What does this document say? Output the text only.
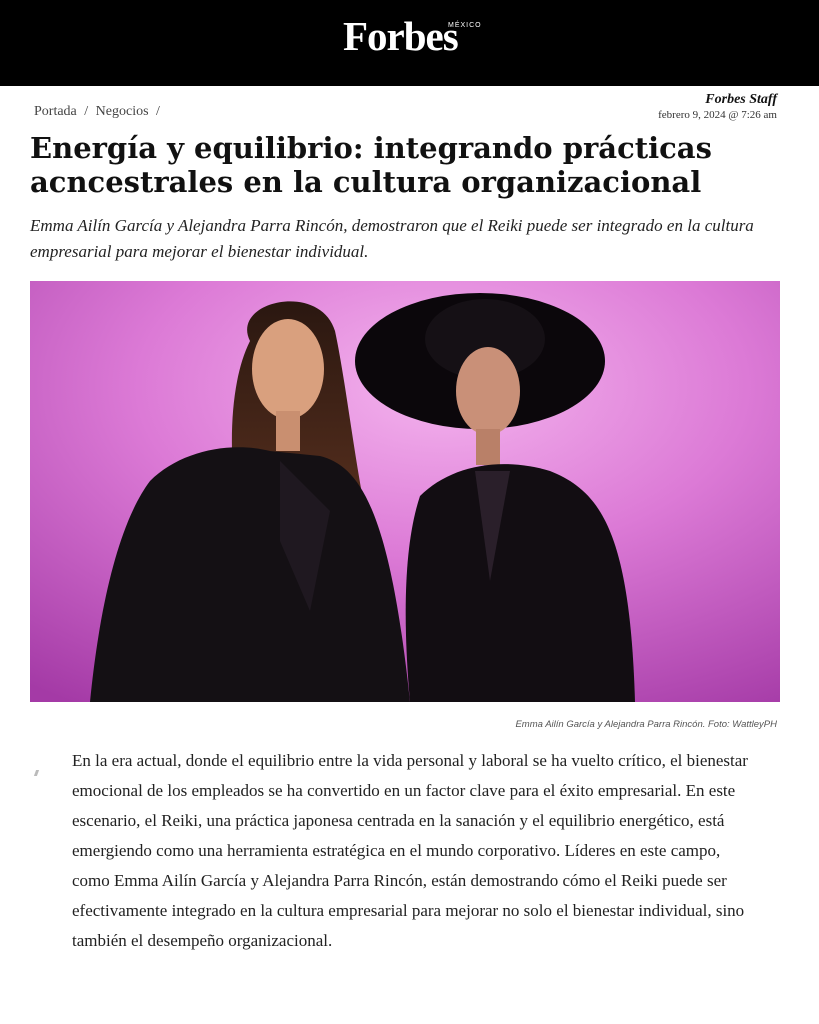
Forbes
MÉXICO
Portada / Negocios /
Forbes Staff
febrero 9, 2024 @ 7:26 am
Energía y equilibrio: integrando prácticas acncestrales en la cultura organizacional

Emma Ailín García y Alejandra Parra Rincón, demostraron que el Reiki puede ser integrado en la cultura empresarial para mejorar el bienestar individual.

Emma Ailín García y Alejandra Parra Rincón. Foto: WattleyPH

En la era actual, donde el equilibrio entre la vida personal y laboral se ha vuelto crítico, el bienestar emocional de los empleados se ha convertido en un factor clave para el éxito empresarial. En este escenario, el Reiki, una práctica japonesa centrada en la sanación y el equilibrio energético, está emergiendo como una herramienta estratégica en el mundo corporativo. Líderes en este campo, como Emma Ailín García y Alejandra Parra Rincón, están demostrando cómo el Reiki puede ser efectivamente integrado en la cultura empresarial para mejorar no solo el bienestar individual, sino también el desempeño organizacional.
